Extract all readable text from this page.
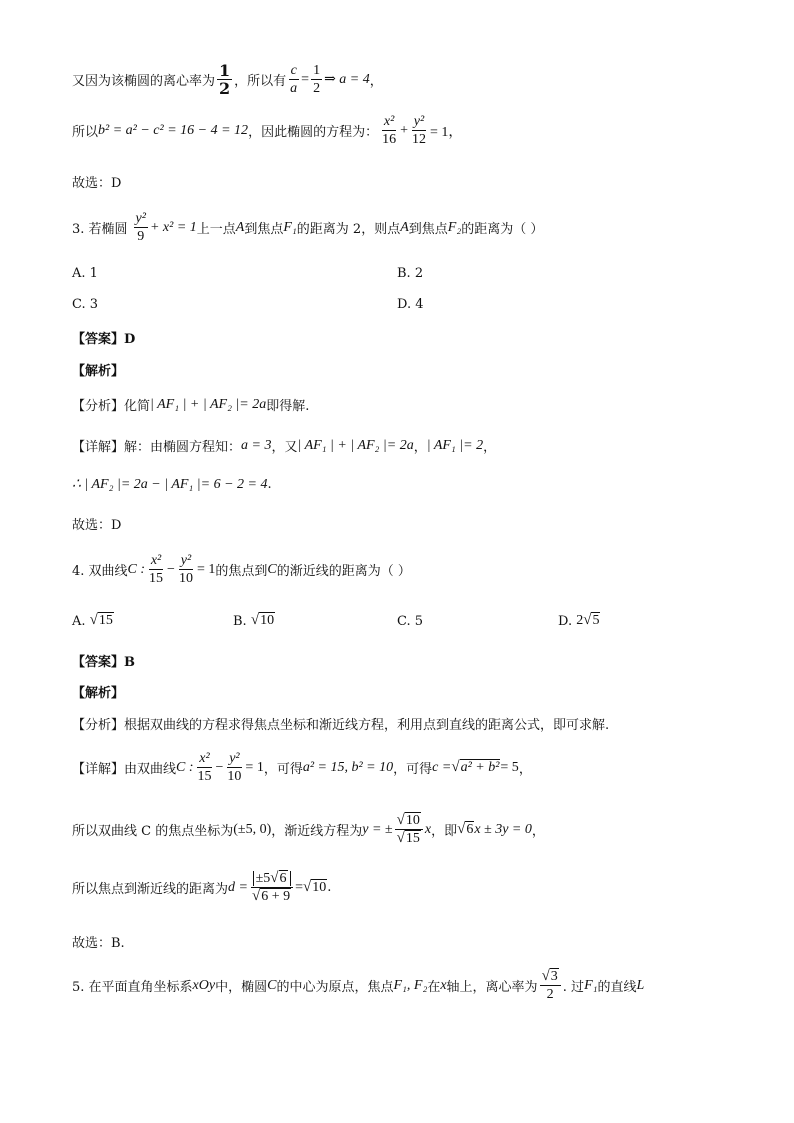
又因为该椭圆的离心率为 $\frac{1}{2}$ ，所以有 $\frac{c}{a} = \frac{1}{2}$ ⇒ a = 4 ，
所以 b² = a² − c² = 16 − 4 = 12 ，因此椭圆的方程为： $\frac{\text{x²}}{16} + \frac{\text{y²}}{12} = 1$，
故选：D
3. 若椭圆 $\frac{\text{y²}}{9} + x^2 = 1$ 上一点 A 到焦点 F₁ 的距离为 2，则点 A 到焦点 F₂ 的距离为（ ）
A. 1	B. 2
C. 3	D. 4
【答案】D
【解析】
【分析】化简 | AF₁ | + | AF₂ |= 2a 即得解.
【详解】解：由椭圆方程知： a = 3 ，又 | AF₁ | + | AF₂ |= 2a ， | AF₁ |= 2 ，
∴ | AF₂ |= 2a − | AF₁ |= 6 − 2 = 4 .
故选：D
4. 双曲线 C : $\frac{\text{x²}}{15} - \frac{\text{y²}}{10} = 1$ 的焦点到 C 的渐近线的距离为（ ）
A.
√ 15	B.
√ 10	C. 5	D.
2 √ 5
【答案】B
【解析】
【分析】根据双曲线的方程求得焦点坐标和渐近线方程，利用点到直线的距离公式，即可求解.
【详解】由双曲线 C : $\frac{\text{x²}}{15} - \frac{\text{y²}}{10} = 1$ ，可得 a² = 15, b² = 10 ，可得 c = √ a² + b² = 5 ，
所以双曲线 C 的焦点坐标为 (±5, 0) ，渐近线方程为 y = ± $\frac{√ 10}{√ 15}$ x ，即 √ 6 x ± 3y = 0 ，
所以焦点到渐近线的距离为 $d = \frac{\pm 5 √ 6}{√ 6 + 9}$ = √ 10 .
故选：B.
5. 在平面直角坐标系 xOy 中，椭圆 C 的中心为原点，焦点 F₁, F₂ 在 x 轴上，离心率为 $\frac{√ 3}{2}$ . 过 F₁ 的直线 L
